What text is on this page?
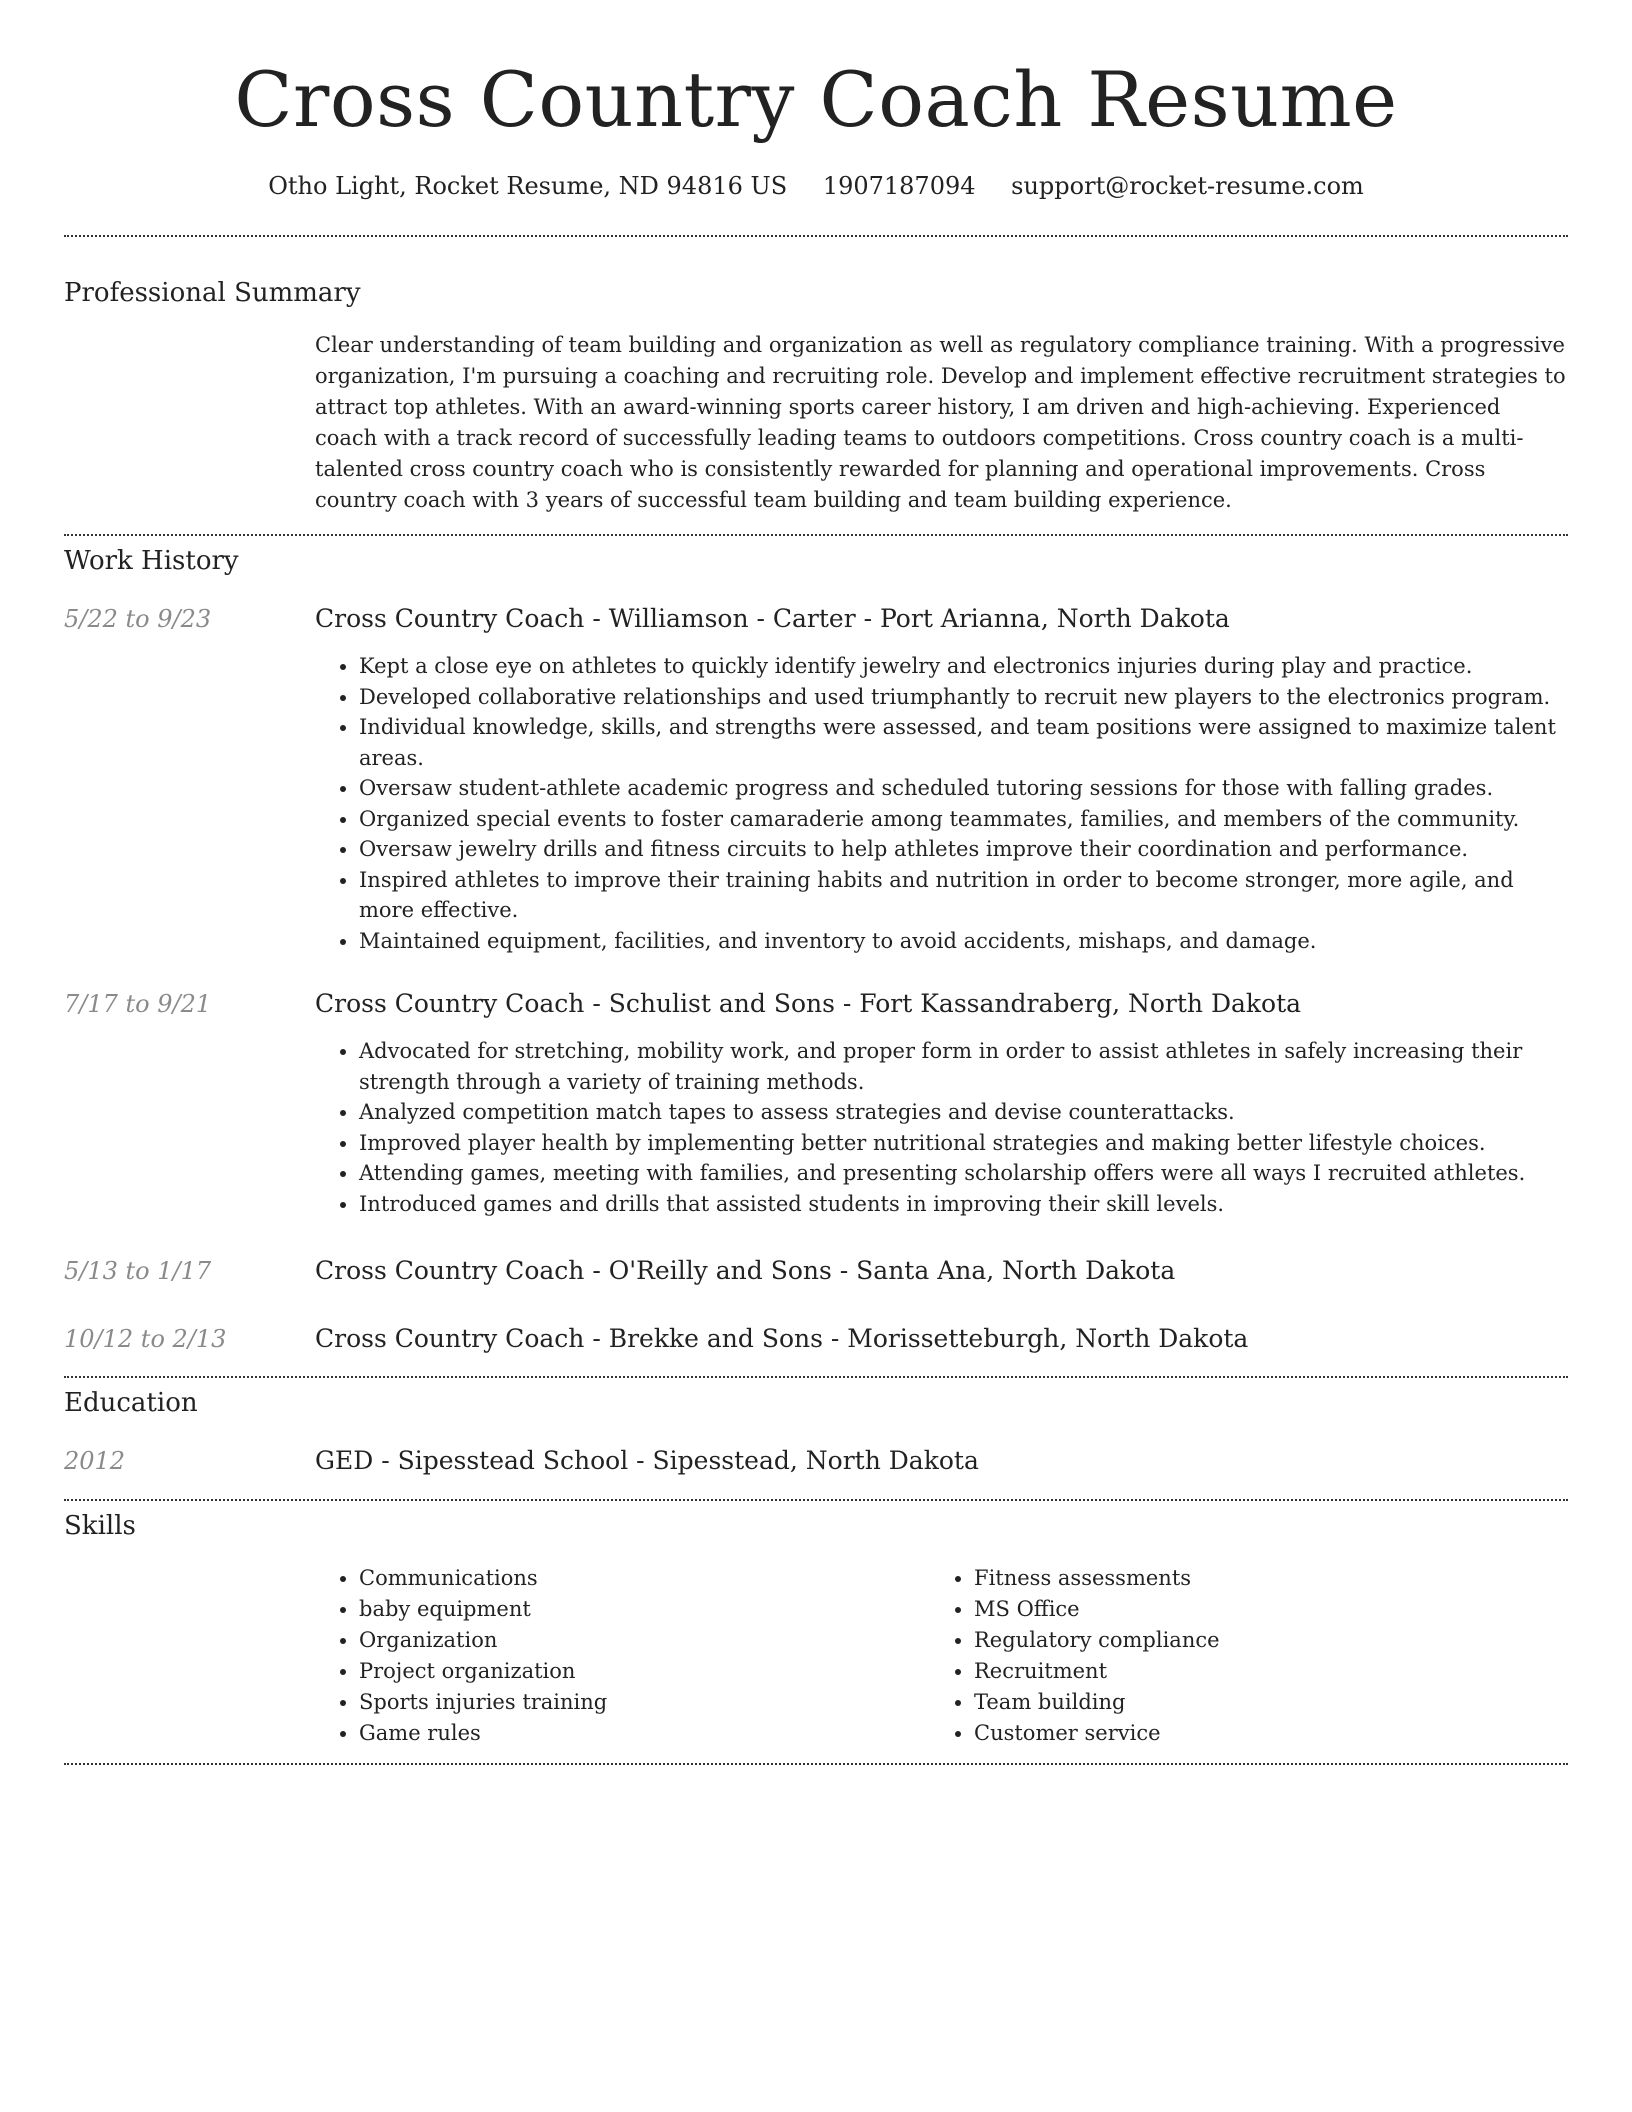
Cross Country Coach Resume
Otho Light, Rocket Resume, ND 94816 US 1907187094 support@rocket-resume.com
Professional Summary

Clear understanding of team building and organization as well as regulatory compliance training. With a progressive organization, I'm pursuing a coaching and recruiting role. Develop and implement effective recruitment strategies to attract top athletes. With an award-winning sports career history, I am driven and high-achieving. Experienced coach with a track record of successfully leading teams to outdoors competitions. Cross country coach is a multi-talented cross country coach who is consistently rewarded for planning and operational improvements. Cross country coach with 3 years of successful team building and team building experience.

Work History
5/22 to 9/23	Cross Country Coach - Williamson - Carter - Port Arianna, North Dakota
• Kept a close eye on athletes to quickly identify jewelry and electronics injuries during play and practice.
• Developed collaborative relationships and used triumphantly to recruit new players to the electronics program.
• Individual knowledge, skills, and strengths were assessed, and team positions were assigned to maximize talent areas.
• Oversaw student-athlete academic progress and scheduled tutoring sessions for those with falling grades.
• Organized special events to foster camaraderie among teammates, families, and members of the community.
• Oversaw jewelry drills and fitness circuits to help athletes improve their coordination and performance.
• Inspired athletes to improve their training habits and nutrition in order to become stronger, more agile, and more effective.
• Maintained equipment, facilities, and inventory to avoid accidents, mishaps, and damage.
7/17 to 9/21	Cross Country Coach - Schulist and Sons - Fort Kassandraberg, North Dakota
• Advocated for stretching, mobility work, and proper form in order to assist athletes in safely increasing their strength through a variety of training methods.
• Analyzed competition match tapes to assess strategies and devise counterattacks.
• Improved player health by implementing better nutritional strategies and making better lifestyle choices.
• Attending games, meeting with families, and presenting scholarship offers were all ways I recruited athletes.
• Introduced games and drills that assisted students in improving their skill levels.
5/13 to 1/17	Cross Country Coach - O'Reilly and Sons - Santa Ana, North Dakota
10/12 to 2/13	Cross Country Coach - Brekke and Sons - Morissetteburgh, North Dakota
Education
2012	GED - Sipesstead School - Sipesstead, North Dakota
Skills
• Communications
• baby equipment
• Organization
• Project organization
• Sports injuries training
• Game rules
• Fitness assessments
• MS Office
• Regulatory compliance
• Recruitment
• Team building
• Customer service
